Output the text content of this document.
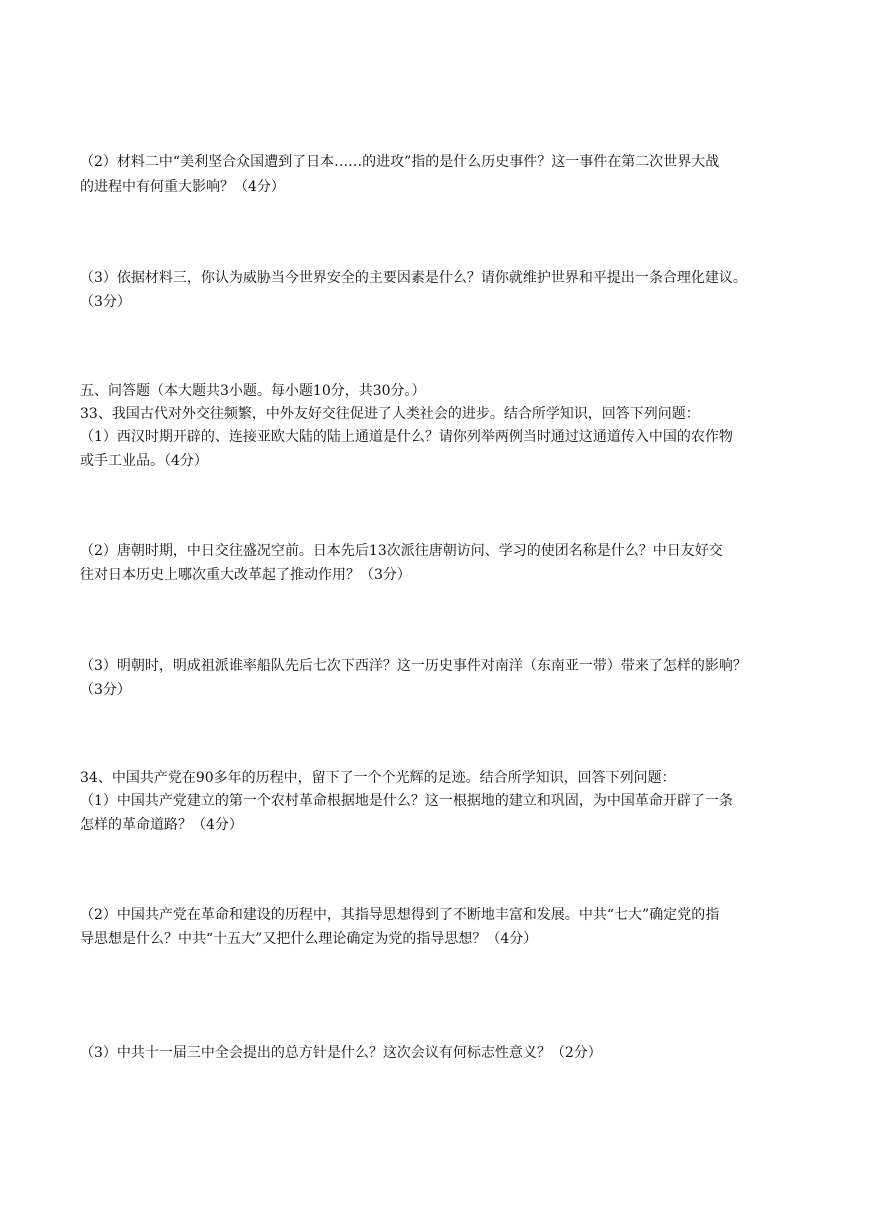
（2）材料二中“美利坚合众国遭到了日本……的进攻”指的是什么历史事件？这一事件在第二次世界大战
的进程中有何重大影响？（4分）
（3）依据材料三，你认为威胁当今世界安全的主要因素是什么？请你就维护世界和平提出一条合理化建议。
（3分）
五、问答题（本大题共3小题。每小题10分，共30分。）
33、我国古代对外交往频繁，中外友好交往促进了人类社会的进步。结合所学知识，回答下列问题：
（1）西汉时期开辟的、连接亚欧大陆的陆上通道是什么？请你列举两例当时通过这通道传入中国的农作物
或手工业品。（4分）
（2）唐朝时期，中日交往盛况空前。日本先后13次派往唐朝访问、学习的使团名称是什么？中日友好交
往对日本历史上哪次重大改革起了推动作用？（3分）
（3）明朝时，明成祖派谁率船队先后七次下西洋？这一历史事件对南洋（东南亚一带）带来了怎样的影响？
（3分）
34、中国共产党在90多年的历程中，留下了一个个光辉的足迹。结合所学知识，回答下列问题：
（1）中国共产党建立的第一个农村革命根据地是什么？这一根据地的建立和巩固，为中国革命开辟了一条
怎样的革命道路？（4分）
（2）中国共产党在革命和建设的历程中，其指导思想得到了不断地丰富和发展。中共“七大”确定党的指
导思想是什么？中共“十五大”又把什么理论确定为党的指导思想？（4分）
（3）中共十一届三中全会提出的总方针是什么？这次会议有何标志性意义？（2分）
